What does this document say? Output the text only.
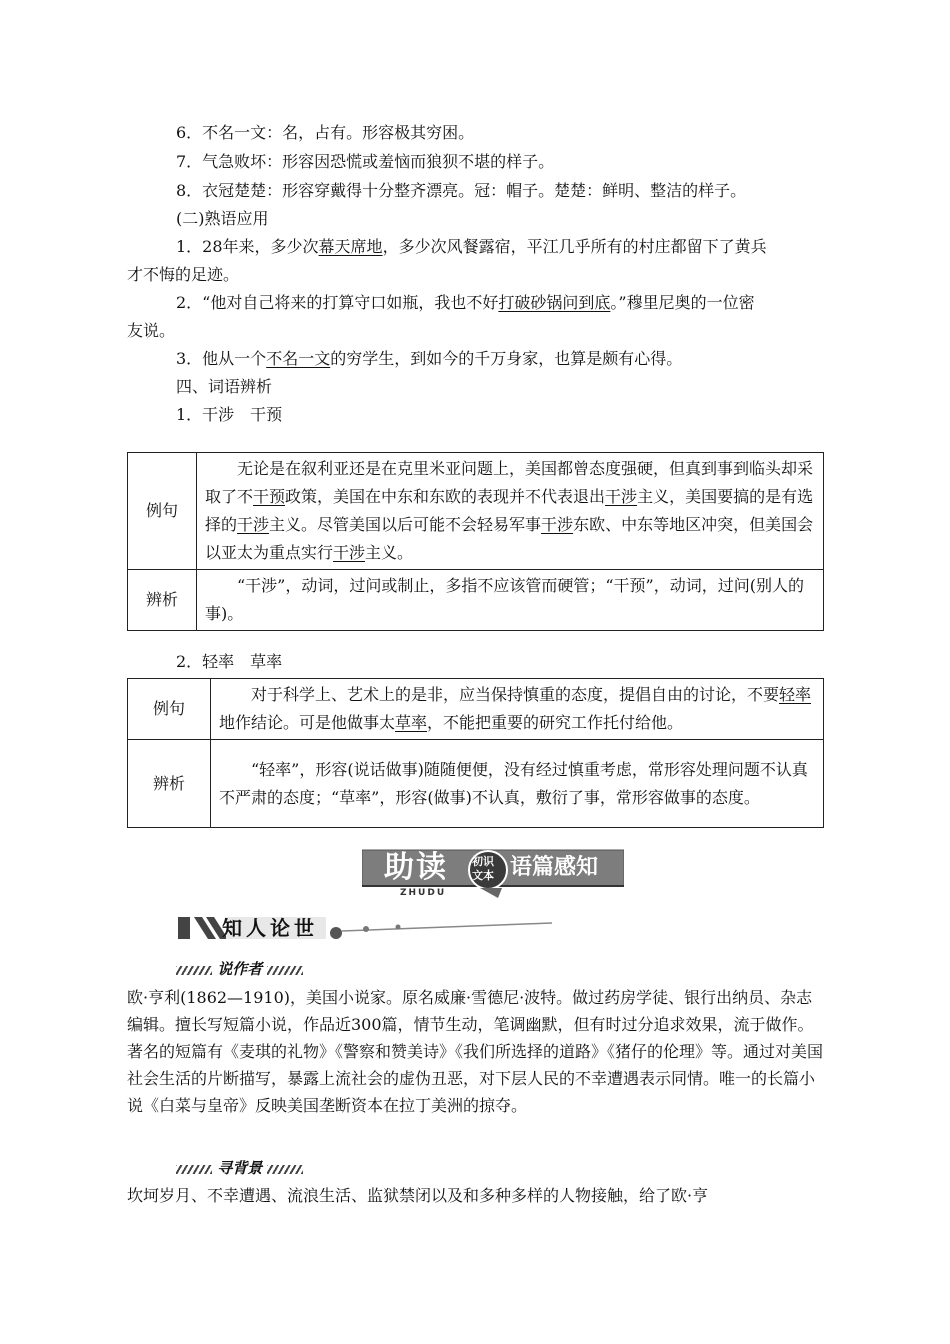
6．不名一文：名，占有。形容极其穷困。
7．气急败坏：形容因恐慌或羞恼而狼狈不堪的样子。
8．衣冠楚楚：形容穿戴得十分整齐漂亮。冠：帽子。楚楚：鲜明、整洁的样子。
(二)熟语应用
1．28年来，多少次幕天席地，多少次风餐露宿，平江几乎所有的村庄都留下了黄兵
才不悔的足迹。
2．“他对自己将来的打算守口如瓶，我也不好打破砂锅问到底。”穆里尼奥的一位密
友说。
3．他从一个不名一文的穷学生，到如今的千万身家，也算是颇有心得。
四、词语辨析
1．干涉　干预
例句	无论是在叙利亚还是在克里米亚问题上，美国都曾态度强硬，但真到事到临头却采取了不干预政策，美国在中东和东欧的表现并不代表退出干涉主义，美国要搞的是有选择的干涉主义。尽管美国以后可能不会轻易军事干涉东欧、中东等地区冲突，但美国会以亚太为重点实行干涉主义。
辨析	“干涉”，动词，过问或制止，多指不应该管而硬管；“干预”，动词，过问(别人的事)。
2．轻率　草率
例句	对于科学上、艺术上的是非，应当保持慎重的态度，提倡自由的讨论，不要轻率地作结论。可是他做事太草率，不能把重要的研究工作托付给他。
辨析	“轻率”，形容(说话做事)随随便便，没有经过慎重考虑，常形容处理问题不认真不严肃的态度；“草率”，形容(做事)不认真，敷衍了事，常形容做事的态度。
助读 初识
文本 语篇感知
ZHUDU
知人论世
说作者
欧·亨利(1862—1910)，美国小说家。原名威廉·雪德尼·波特。做过药房学徒、银行出纳员、杂志编辑。擅长写短篇小说，作品近300篇，情节生动，笔调幽默，但有时过分追求效果，流于做作。著名的短篇有《麦琪的礼物》《警察和赞美诗》《我们所选择的道路》《猪仔的伦理》等。通过对美国社会生活的片断描写，暴露上流社会的虚伪丑恶，对下层人民的不幸遭遇表示同情。唯一的长篇小说《白菜与皇帝》反映美国垄断资本在拉丁美洲的掠夺。
寻背景
坎坷岁月、不幸遭遇、流浪生活、监狱禁闭以及和多种多样的人物接触，给了欧·亨
